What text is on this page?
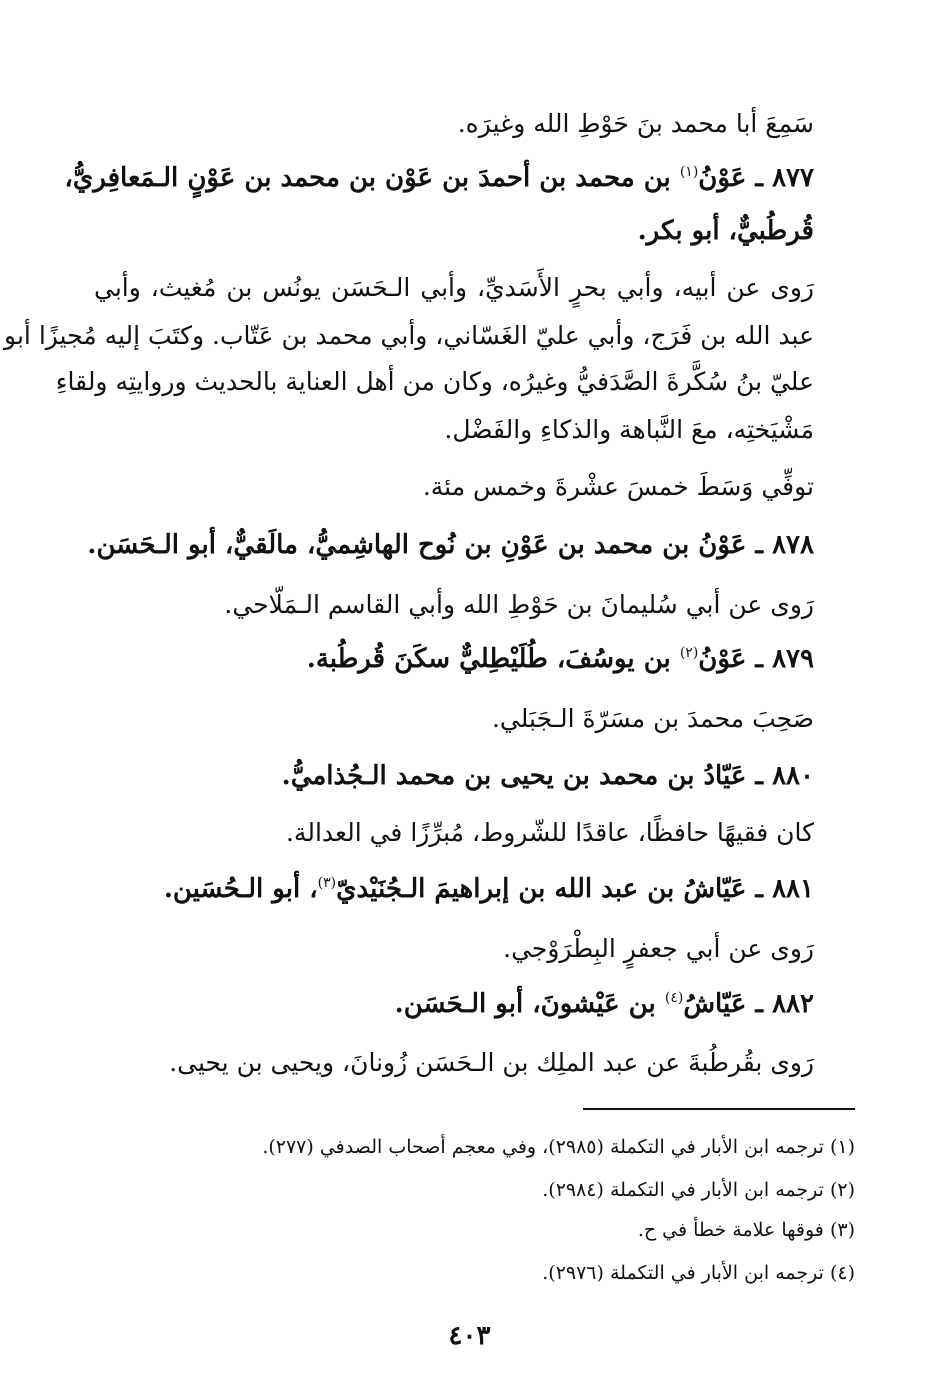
سَمِعَ أبا محمد بنَ حَوْطِ الله وغيرَه.
٨٧٧ ـ عَوْنُ$^{(١)}$ بن محمد بن أحمدَ بن عَوْن بن محمد بن عَوْنٍ الـمَعافِريُّ،
قُرطُبيٌّ، أبو بكر.
رَوى عن أبيه، وأبي بحرٍ الأَسَديِّ، وأبي الـحَسَن يونُس بن مُغيث، وأبي
عبد الله بن فَرَج، وأبي عليّ الغَسّاني، وأبي محمد بن عَتّاب. وكتَبَ إليه مُجيزًا أبو
عليّ بنُ سُكَّرةَ الصَّدَفيُّ وغيرُه، وكان من أهل العناية بالحديث وروايتِه ولقاءِ
مَشْيَختِه، معَ النَّباهة والذكاءِ والفَضْل.
توفِّي وَسَطَ خمسَ عشْرةَ وخمس مئة.
٨٧٨ ـ عَوْنُ بن محمد بن عَوْنِ بن نُوح الهاشِميُّ، مالَقيٌّ، أبو الـحَسَن.
رَوى عن أبي سُليمانَ بن حَوْطِ الله وأبي القاسم الـمَلّاحي.
٨٧٩ ـ عَوْنُ$^{(٢)}$ بن يوسُفَ، طُلَيْطِليٌّ سكَنَ قُرطُبة.
صَحِبَ محمدَ بن مسَرّةَ الـجَبَلي.
٨٨٠ ـ عَيّادُ بن محمد بن يحيى بن محمد الـجُذاميُّ.
كان فقيهًا حافظًا، عاقدًا للشّروط، مُبرِّزًا في العدالة.
٨٨١ ـ عَيّاشُ بن عبد الله بن إبراهيمَ الـجُنَيْديّ$^{(٣)}$، أبو الـحُسَين.
رَوى عن أبي جعفرٍ البِطْرَوْجي.
٨٨٢ ـ عَيّاشُ$^{(٤)}$ بن عَيْشونَ، أبو الـحَسَن.
رَوى بقُرطُبةَ عن عبد الملِك بن الـحَسَن زُونانَ، ويحيى بن يحيى.
(١) ترجمه ابن الأبار في التكملة (٢٩٨٥)، وفي معجم أصحاب الصدفي (٢٧٧).
(٢) ترجمه ابن الأبار في التكملة (٢٩٨٤).
(٣) فوقها علامة خطأ في ح.
(٤) ترجمه ابن الأبار في التكملة (٢٩٧٦).
٤٠٣
